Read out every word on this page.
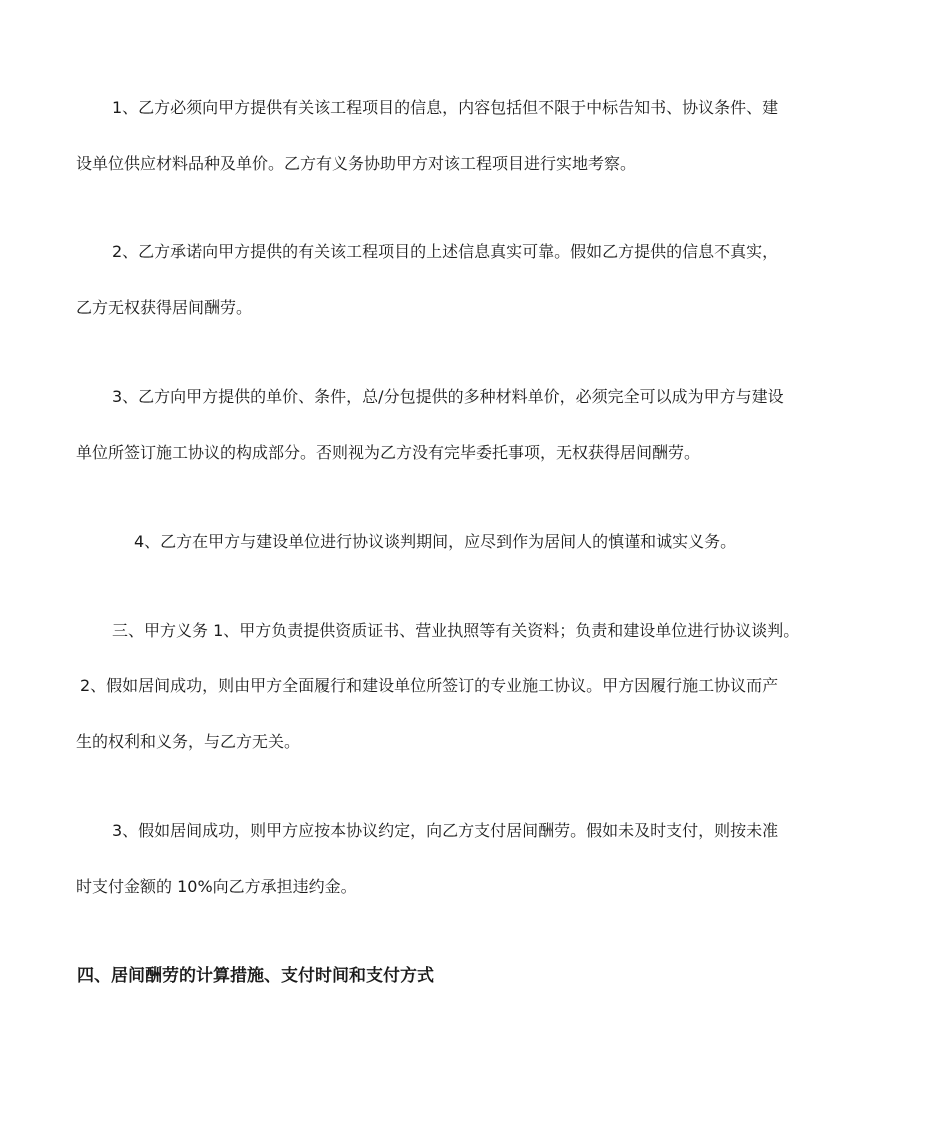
1、乙方必须向甲方提供有关该工程项目的信息，内容包括但不限于中标告知书、协议条件、建
设单位供应材料品种及单价。乙方有义务协助甲方对该工程项目进行实地考察。
2、乙方承诺向甲方提供的有关该工程项目的上述信息真实可靠。假如乙方提供的信息不真实，
乙方无权获得居间酬劳。
3、乙方向甲方提供的单价、条件，总/分包提供的多种材料单价，必须完全可以成为甲方与建设
单位所签订施工协议的构成部分。否则视为乙方没有完毕委托事项，无权获得居间酬劳。
4、乙方在甲方与建设单位进行协议谈判期间，应尽到作为居间人的慎谨和诚实义务。
三、甲方义务 1、甲方负责提供资质证书、营业执照等有关资料；负责和建设单位进行协议谈判。
2、假如居间成功，则由甲方全面履行和建设单位所签订的专业施工协议。甲方因履行施工协议而产
生的权利和义务，与乙方无关。
3、假如居间成功，则甲方应按本协议约定，向乙方支付居间酬劳。假如未及时支付，则按未准
时支付金额的 10%向乙方承担违约金。
四、居间酬劳的计算措施、支付时间和支付方式
